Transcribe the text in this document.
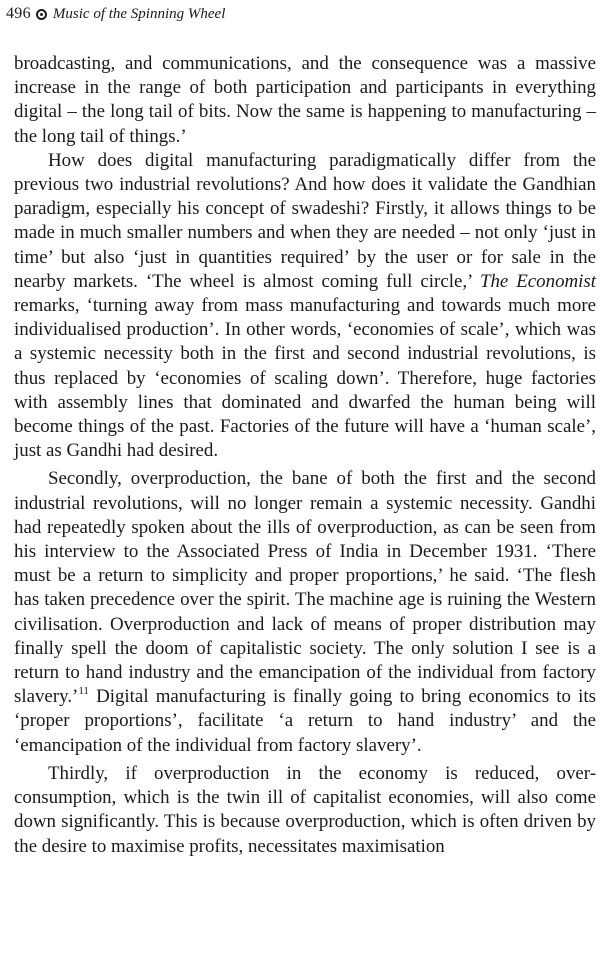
496 Music of the Spinning Wheel

broadcasting, and communications, and the consequence was a massive increase in the range of both participation and participants in everything digital – the long tail of bits. Now the same is happening to manufacturing – the long tail of things.’

How does digital manufacturing paradigmatically differ from the previous two industrial revolutions? And how does it validate the Gandhian paradigm, especially his concept of swadeshi? Firstly, it allows things to be made in much smaller numbers and when they are needed – not only ‘just in time’ but also ‘just in quantities required’ by the user or for sale in the nearby markets. ‘The wheel is almost coming full circle,’ The Economist remarks, ‘turning away from mass manufacturing and towards much more individualised production’. In other words, ‘economies of scale’, which was a systemic necessity both in the first and second industrial revolutions, is thus replaced by ‘economies of scaling down’. Therefore, huge factories with assembly lines that dominated and dwarfed the human being will become things of the past. Factories of the future will have a ‘human scale’, just as Gandhi had desired.

Secondly, overproduction, the bane of both the first and the second industrial revolutions, will no longer remain a systemic necessity. Gandhi had repeatedly spoken about the ills of overproduction, as can be seen from his interview to the Associated Press of India in December 1931. ‘There must be a return to simplicity and proper proportions,’ he said. ‘The flesh has taken precedence over the spirit. The machine age is ruining the Western civilisation. Overproduction and lack of means of proper distribution may finally spell the doom of capitalistic society. The only solution I see is a return to hand industry and the emancipation of the individual from factory slavery.’$^{11}$ Digital manufacturing is finally going to bring economics to its ‘proper proportions’, facilitate ‘a return to hand industry’ and the ‘emancipation of the individual from factory slavery’.

Thirdly, if overproduction in the economy is reduced, over-consumption, which is the twin ill of capitalist economies, will also come down significantly. This is because overproduction, which is often driven by the desire to maximise profits, necessitates maximisation
